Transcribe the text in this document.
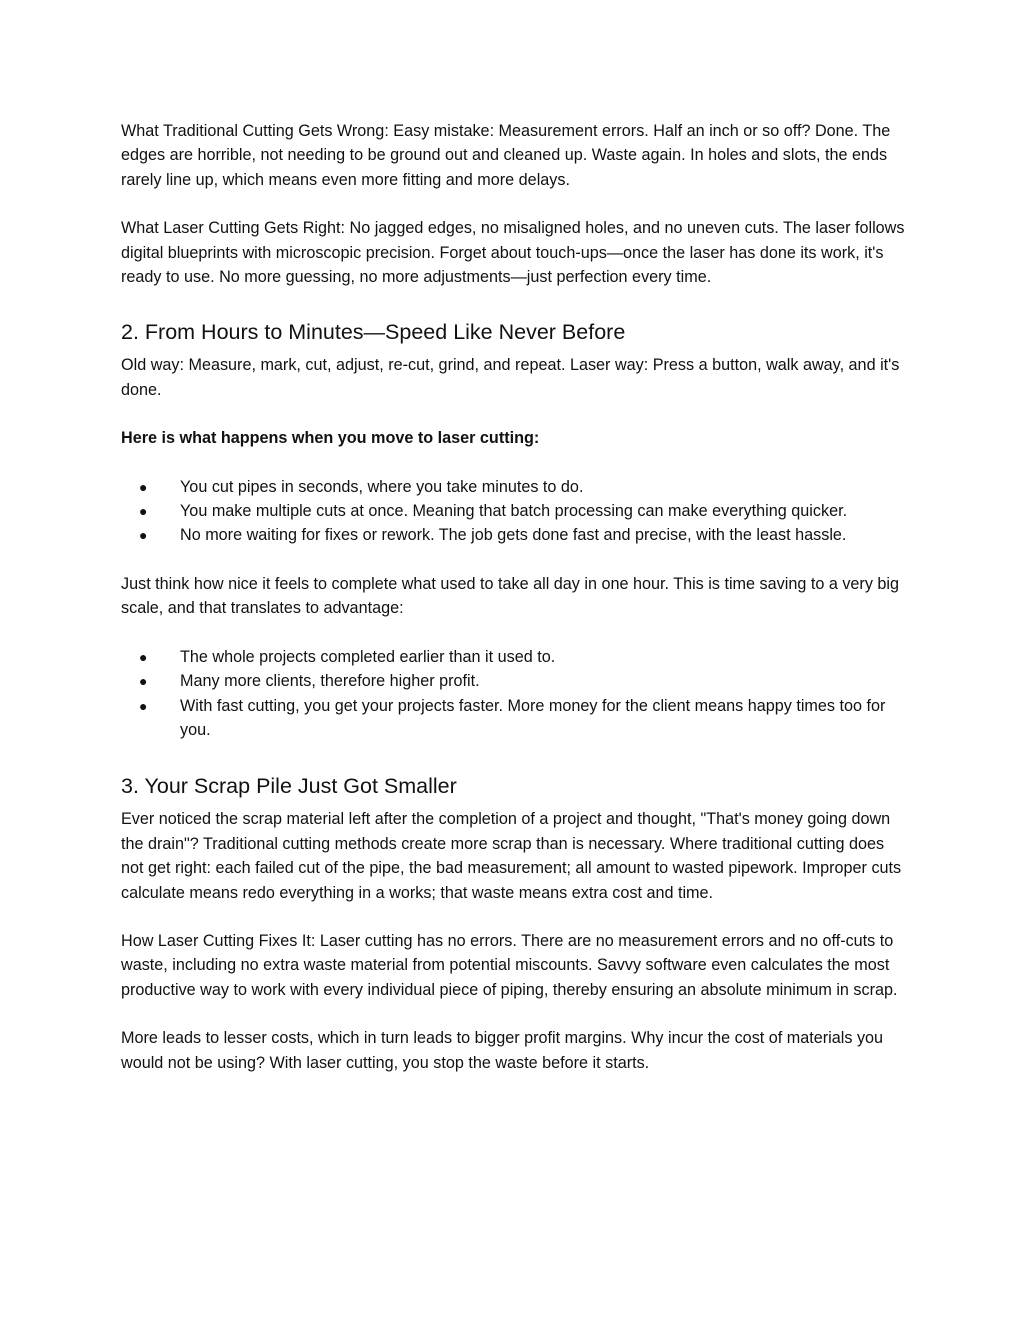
What Traditional Cutting Gets Wrong: Easy mistake: Measurement errors. Half an inch or so off? Done. The edges are horrible, not needing to be ground out and cleaned up. Waste again. In holes and slots, the ends rarely line up, which means even more fitting and more delays.

What Laser Cutting Gets Right: No jagged edges, no misaligned holes, and no uneven cuts. The laser follows digital blueprints with microscopic precision. Forget about touch-ups—once the laser has done its work, it's ready to use. No more guessing, no more adjustments—just perfection every time.

2. From Hours to Minutes—Speed Like Never Before

Old way: Measure, mark, cut, adjust, re-cut, grind, and repeat. Laser way: Press a button, walk away, and it's done.

Here is what happens when you move to laser cutting:

● You cut pipes in seconds, where you take minutes to do.
● You make multiple cuts at once. Meaning that batch processing can make everything quicker.
● No more waiting for fixes or rework. The job gets done fast and precise, with the least hassle.

Just think how nice it feels to complete what used to take all day in one hour. This is time saving to a very big scale, and that translates to advantage:

● The whole projects completed earlier than it used to.
● Many more clients, therefore higher profit.
● With fast cutting, you get your projects faster. More money for the client means happy times too for you.
3. Your Scrap Pile Just Got Smaller

Ever noticed the scrap material left after the completion of a project and thought, "That's money going down the drain"? Traditional cutting methods create more scrap than is necessary. Where traditional cutting does not get right: each failed cut of the pipe, the bad measurement; all amount to wasted pipework. Improper cuts calculate means redo everything in a works; that waste means extra cost and time.

How Laser Cutting Fixes It: Laser cutting has no errors. There are no measurement errors and no off-cuts to waste, including no extra waste material from potential miscounts. Savvy software even calculates the most productive way to work with every individual piece of piping, thereby ensuring an absolute minimum in scrap.

More leads to lesser costs, which in turn leads to bigger profit margins. Why incur the cost of materials you would not be using? With laser cutting, you stop the waste before it starts.
